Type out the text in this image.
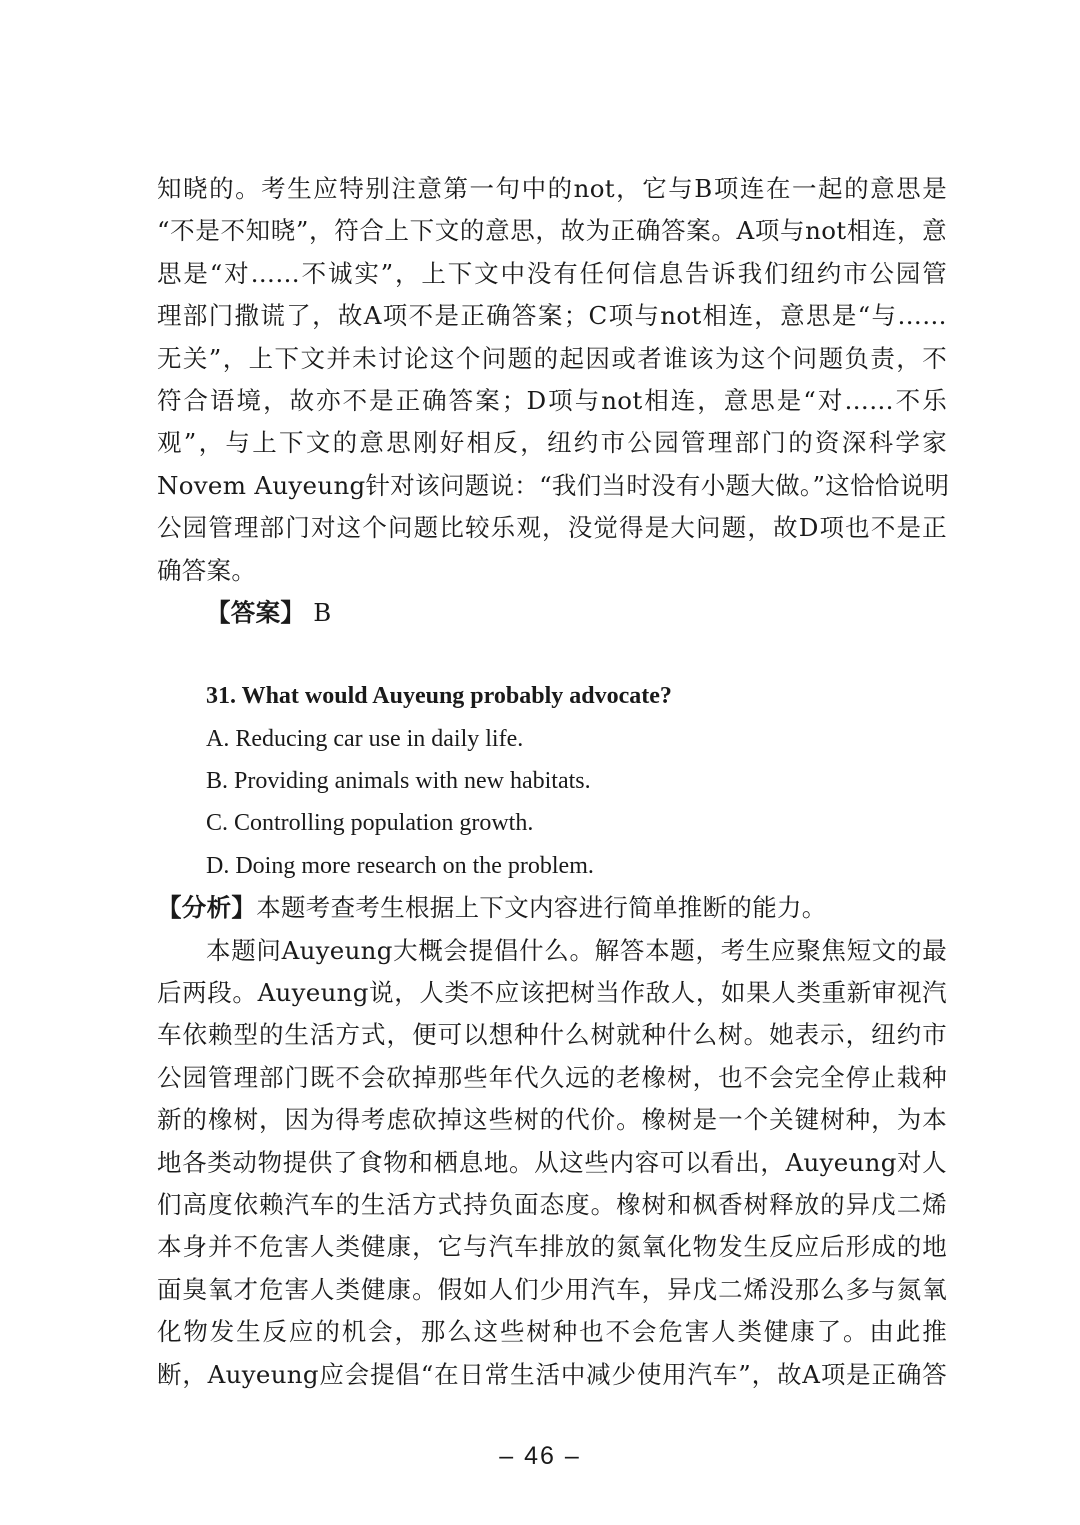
知晓的。考生应特别注意第一句中的not，它与B项连在一起的意思是
“不是不知晓”，符合上下文的意思，故为正确答案。A项与not相连，意
思是“对……不诚实”，上下文中没有任何信息告诉我们纽约市公园管
理部门撒谎了，故A项不是正确答案；C项与not相连，意思是“与……
无关”，上下文并未讨论这个问题的起因或者谁该为这个问题负责，不
符合语境，故亦不是正确答案；D项与not相连，意思是“对……不乐
观”，与上下文的意思刚好相反，纽约市公园管理部门的资深科学家
Novem Auyeung针对该问题说：“我们当时没有小题大做。”这恰恰说明
公园管理部门对这个问题比较乐观，没觉得是大问题，故D项也不是正
确答案。
【答案】 B
31. What would Auyeung probably advocate?
A. Reducing car use in daily life.
B. Providing animals with new habitats.
C. Controlling population growth.
D. Doing more research on the problem.
【分析】本题考查考生根据上下文内容进行简单推断的能力。
本题问Auyeung大概会提倡什么。解答本题，考生应聚焦短文的最
后两段。Auyeung说，人类不应该把树当作敌人，如果人类重新审视汽
车依赖型的生活方式，便可以想种什么树就种什么树。她表示，纽约市
公园管理部门既不会砍掉那些年代久远的老橡树，也不会完全停止栽种
新的橡树，因为得考虑砍掉这些树的代价。橡树是一个关键树种，为本
地各类动物提供了食物和栖息地。从这些内容可以看出，Auyeung对人
们高度依赖汽车的生活方式持负面态度。橡树和枫香树释放的异戊二烯
本身并不危害人类健康，它与汽车排放的氮氧化物发生反应后形成的地
面臭氧才危害人类健康。假如人们少用汽车，异戊二烯没那么多与氮氧
化物发生反应的机会，那么这些树种也不会危害人类健康了。由此推
断，Auyeung应会提倡“在日常生活中减少使用汽车”，故A项是正确答
– 46 –
